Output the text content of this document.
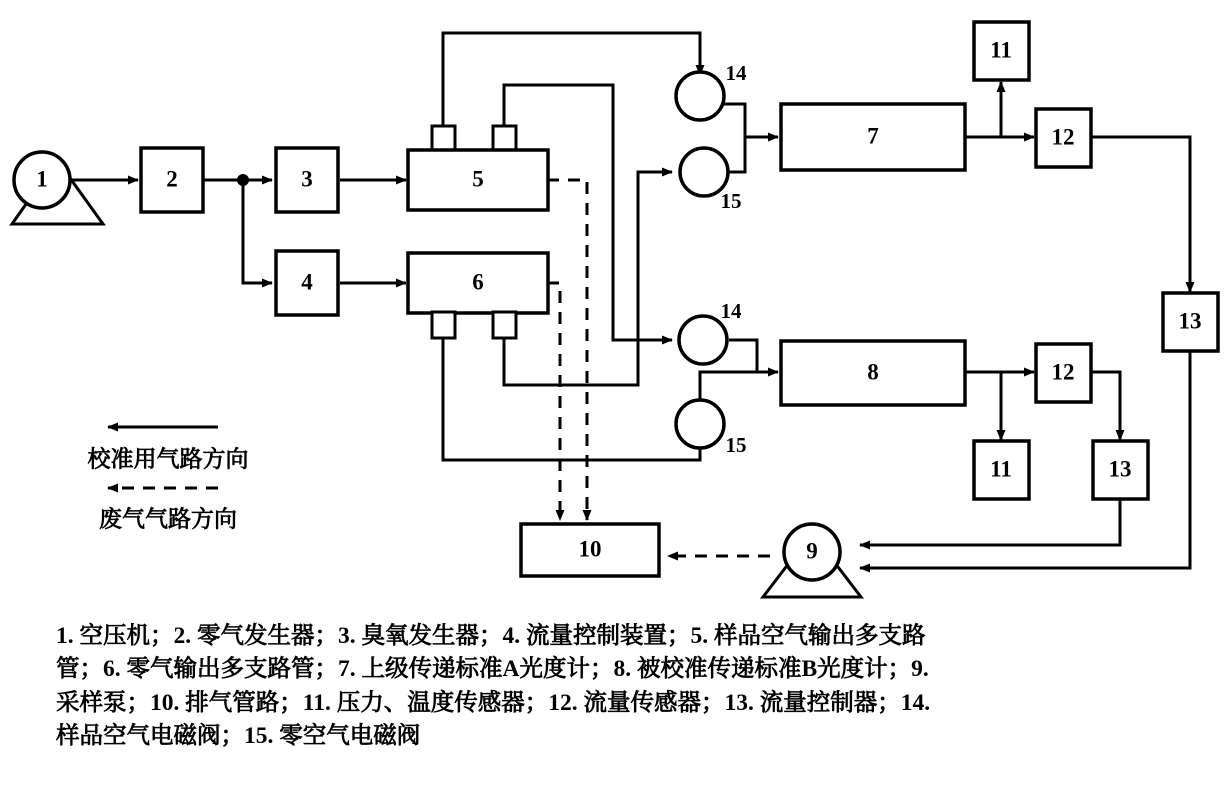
1	2	3
4
5
6
7
8
9
10
11
11
12
12
13
13
14
15
14
15
校准用气路方向
废气气路方向
1. 空压机；2. 零气发生器；3. 臭氧发生器；4. 流量控制装置；5. 样品空气输出多支路
管；6. 零气输出多支路管；7. 上级传递标准A光度计；8. 被校准传递标准B光度计；9.
采样泵；10. 排气管路；11. 压力、温度传感器；12. 流量传感器；13. 流量控制器；14.
样品空气电磁阀；15. 零空气电磁阀
